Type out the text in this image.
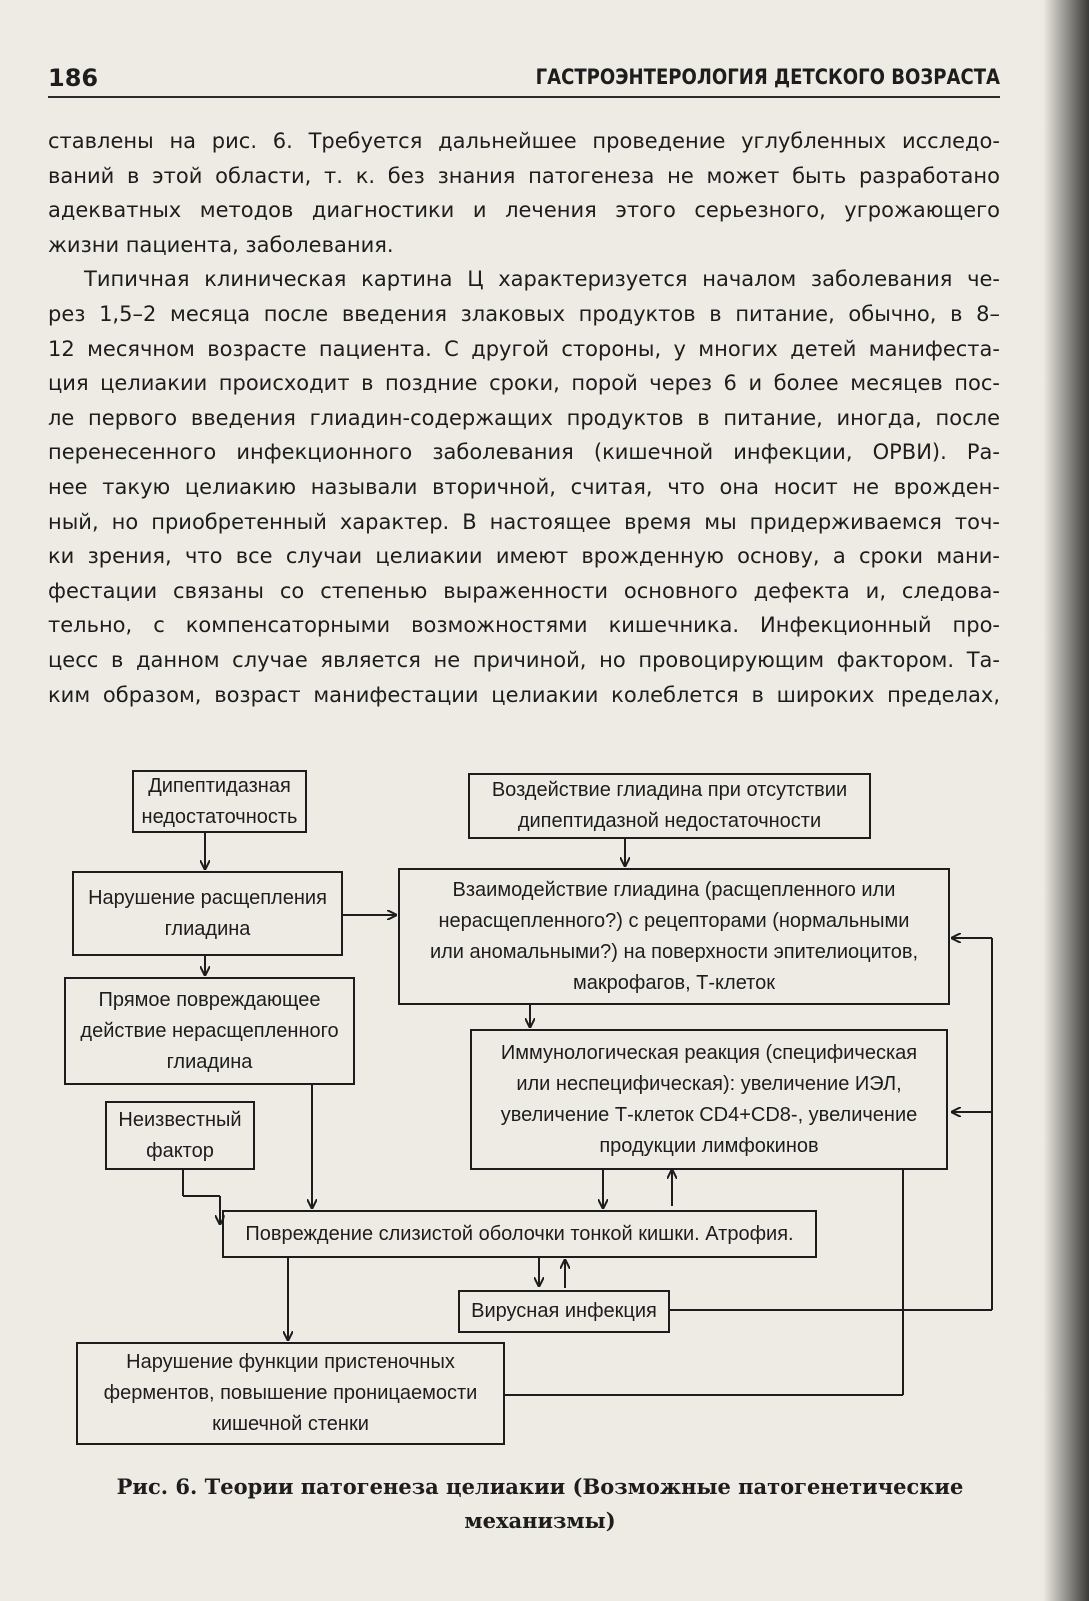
186	ГАСТРОЭНТЕРОЛОГИЯ ДЕТСКОГО ВОЗРАСТА
ставлены на рис. 6. Требуется дальнейшее проведение углубленных исследо-
ваний в этой области, т. к. без знания патогенеза не может быть разработано
адекватных методов диагностики и лечения этого серьезного, угрожающего
жизни пациента, заболевания.
Типичная клиническая картина Ц характеризуется началом заболевания че-
рез 1,5–2 месяца после введения злаковых продуктов в питание, обычно, в 8–
12 месячном возрасте пациента. С другой стороны, у многих детей манифеста-
ция целиакии происходит в поздние сроки, порой через 6 и более месяцев пос-
ле первого введения глиадин-содержащих продуктов в питание, иногда, после
перенесенного инфекционного заболевания (кишечной инфекции, ОРВИ). Ра-
нее такую целиакию называли вторичной, считая, что она носит не врожден-
ный, но приобретенный характер. В настоящее время мы придерживаемся точ-
ки зрения, что все случаи целиакии имеют врожденную основу, а сроки мани-
фестации связаны со степенью выраженности основного дефекта и, следова-
тельно, с компенсаторными возможностями кишечника. Инфекционный про-
цесс в данном случае является не причиной, но провоцирующим фактором. Та-
ким образом, возраст манифестации целиакии колеблется в широких пределах,
Дипептидазная
недостаточность
Воздействие глиадина при отсутствии
дипептидазной недостаточности
Нарушение расщепления
глиадина
Взаимодействие глиадина (расщепленного или
нерасщепленного?) с рецепторами (нормальными
или аномальными?) на поверхности эпителиоцитов,
макрофагов, Т-клеток
Прямое повреждающее
действие нерасщепленного
глиадина	Иммунологическая реакция (специфическая
или неспецифическая): увеличение ИЭЛ,
увеличение Т-клеток CD4+CD8-, увеличение
продукции лимфокинов
Неизвестный
фактор
Повреждение слизистой оболочки тонкой кишки. Атрофия.
Вирусная инфекция
Нарушение функции пристеночных
ферментов, повышение проницаемости
кишечной стенки
Рис. 6. Теории патогенеза целиакии (Возможные патогенетические
механизмы)
